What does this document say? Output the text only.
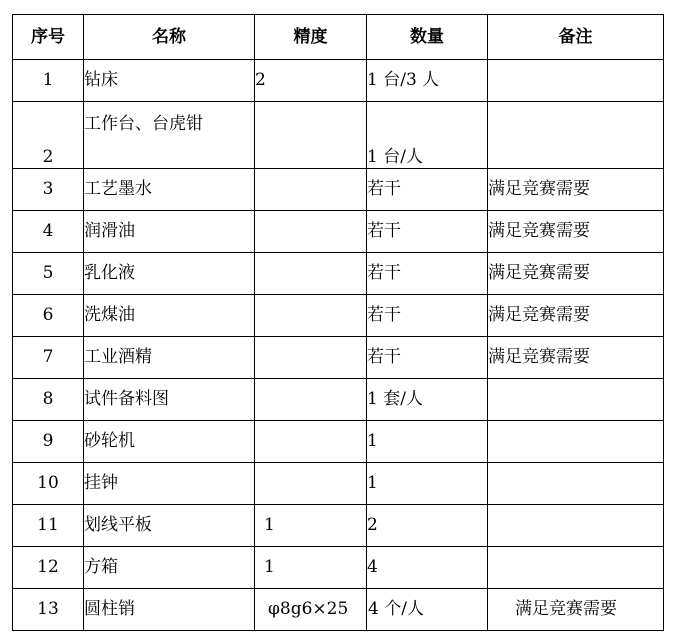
序号	名称	精度	数量	备注
1	钻床	2	1 台/3 人	
2	工作台、台虎钳		1 台/人	
3	工艺墨水		若干	满足竞赛需要
4	润滑油		若干	满足竞赛需要
5	乳化液		若干	满足竞赛需要
6	洗煤油		若干	满足竞赛需要
7	工业酒精		若干	满足竞赛需要
8	试件备料图		1 套/人	
9	砂轮机		1	
10	挂钟		1	
11	划线平板	1	2	
12	方箱	1	4	
13	圆柱销	φ8g6×25	4 个/人	满足竞赛需要
